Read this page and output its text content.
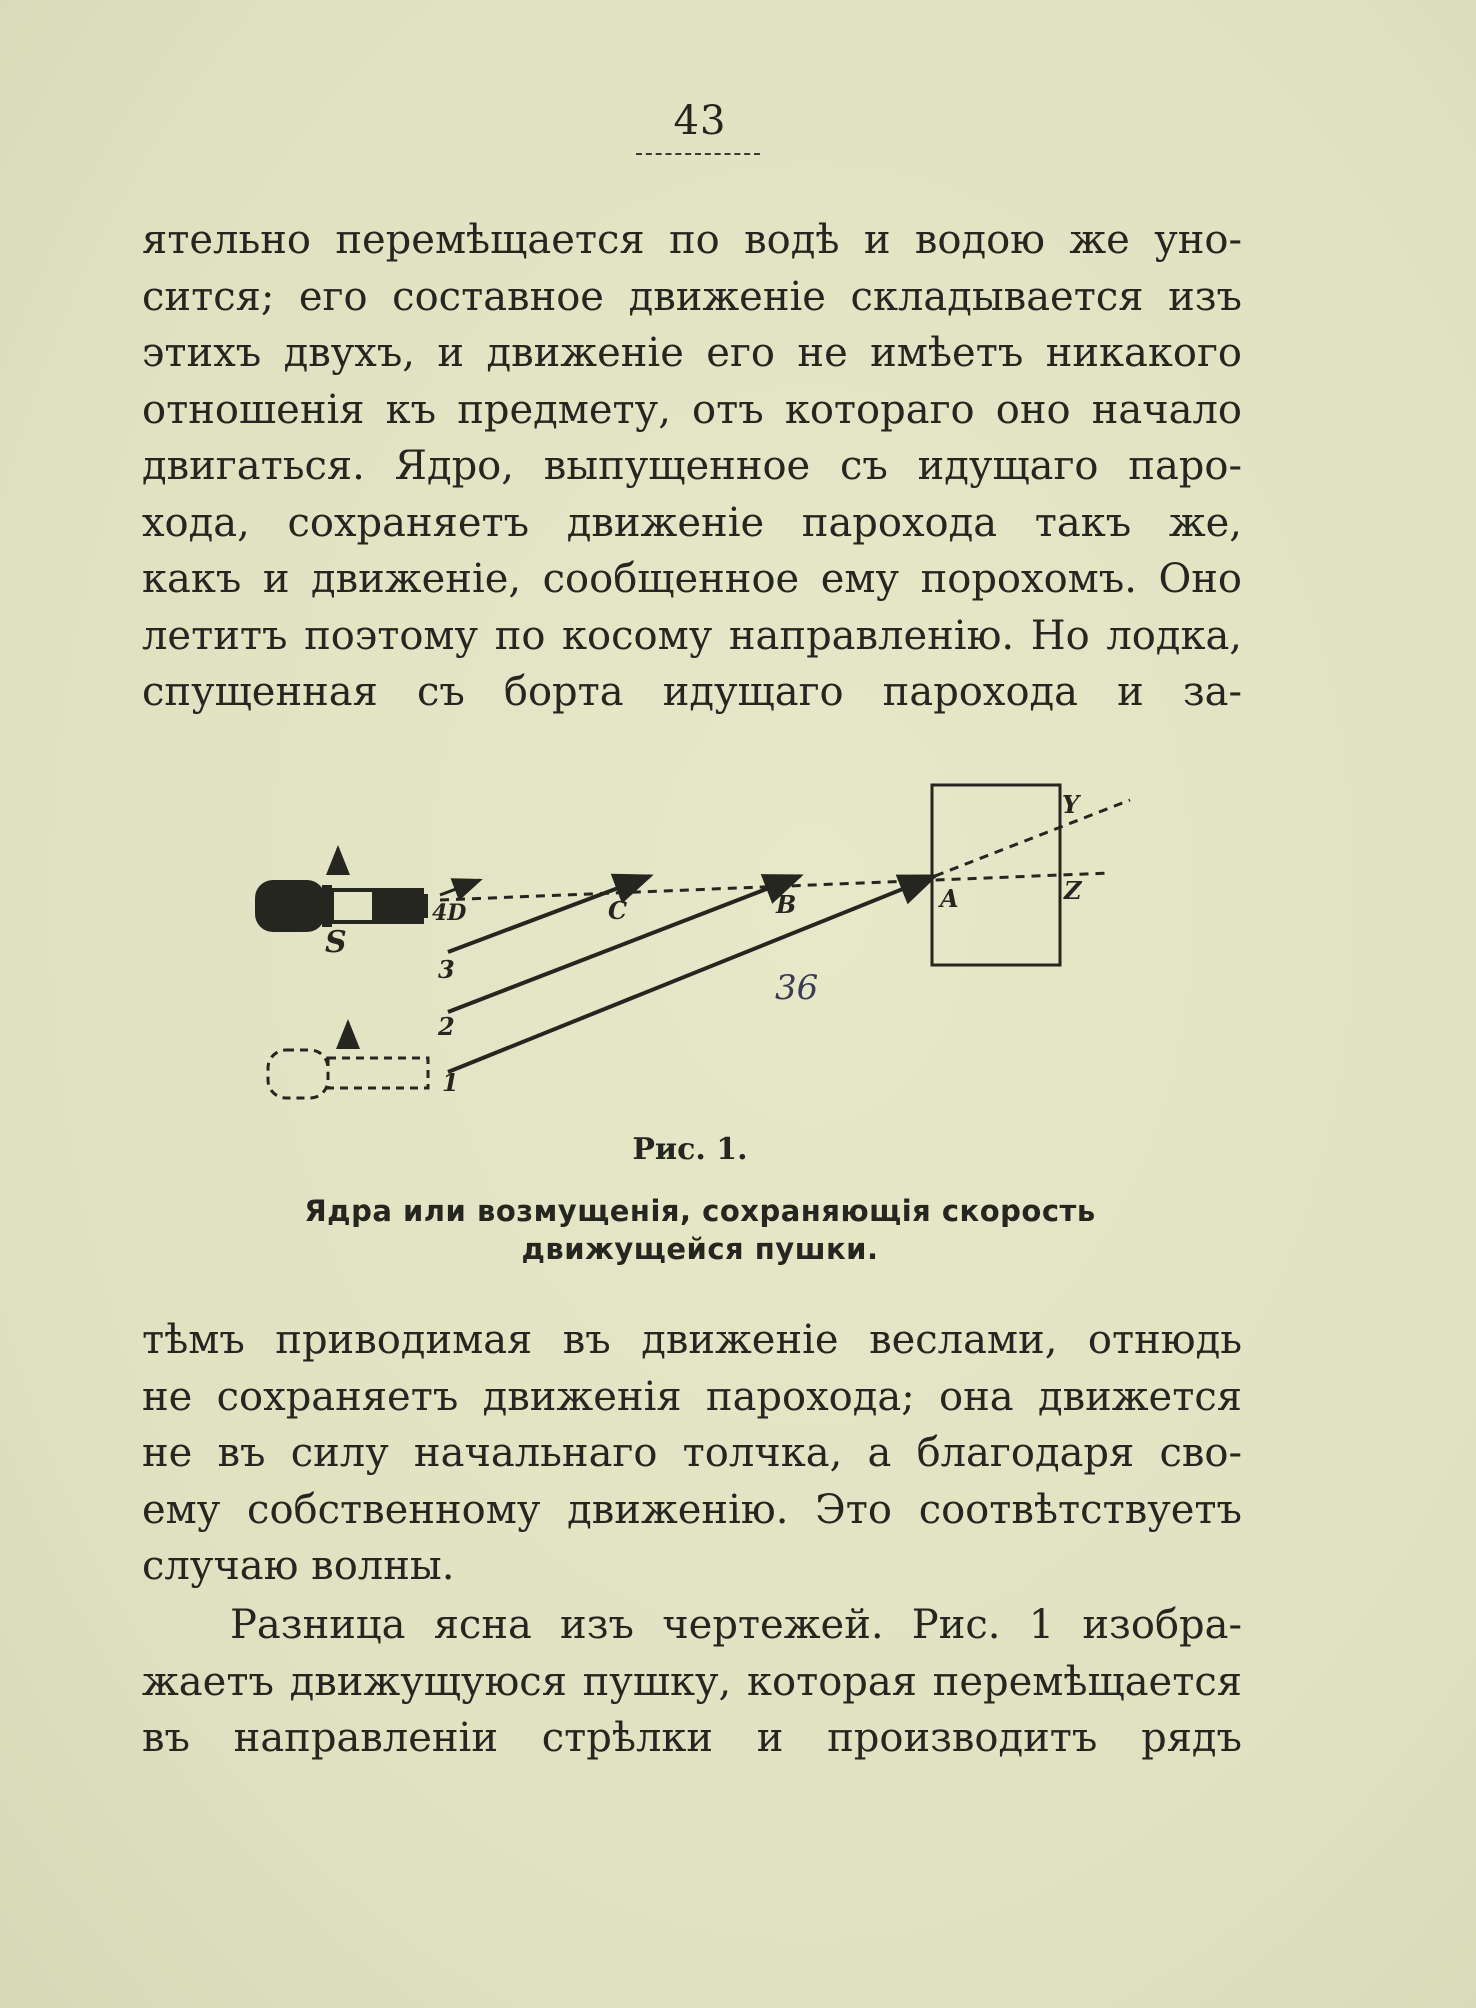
43
ятельно перемѣщается по водѣ и водою же уно-
сится; его составное движенiе складывается изъ
этихъ двухъ, и движенiе его не имѣетъ никакого
отношенiя къ предмету, отъ котораго оно начало
двигаться. Ядро, выпущенное съ идущаго паро-
хода, сохраняетъ движенiе парохода такъ же,
какъ и движенiе, сообщенное ему порохомъ. Оно
летитъ поэтому по косому направленiю. Но лодка,
спущенная съ борта идущаго парохода и за-
S
4D	C	B	A
Y
Z
3
2
1
36
Рис. 1.
Ядра или возмущенiя, сохраняющiя скорость
движущейся пушки.
тѣмъ приводимая въ движенiе веслами, отнюдь
не сохраняетъ движенiя парохода; она движется
не въ силу начальнаго толчка, а благодаря сво-
ему собственному движенiю. Это соотвѣтствуетъ
случаю волны.
Разница ясна изъ чертежей. Рис. 1 изобра-
жаетъ движущуюся пушку, которая перемѣщается
въ направленiи стрѣлки и производитъ рядъ
